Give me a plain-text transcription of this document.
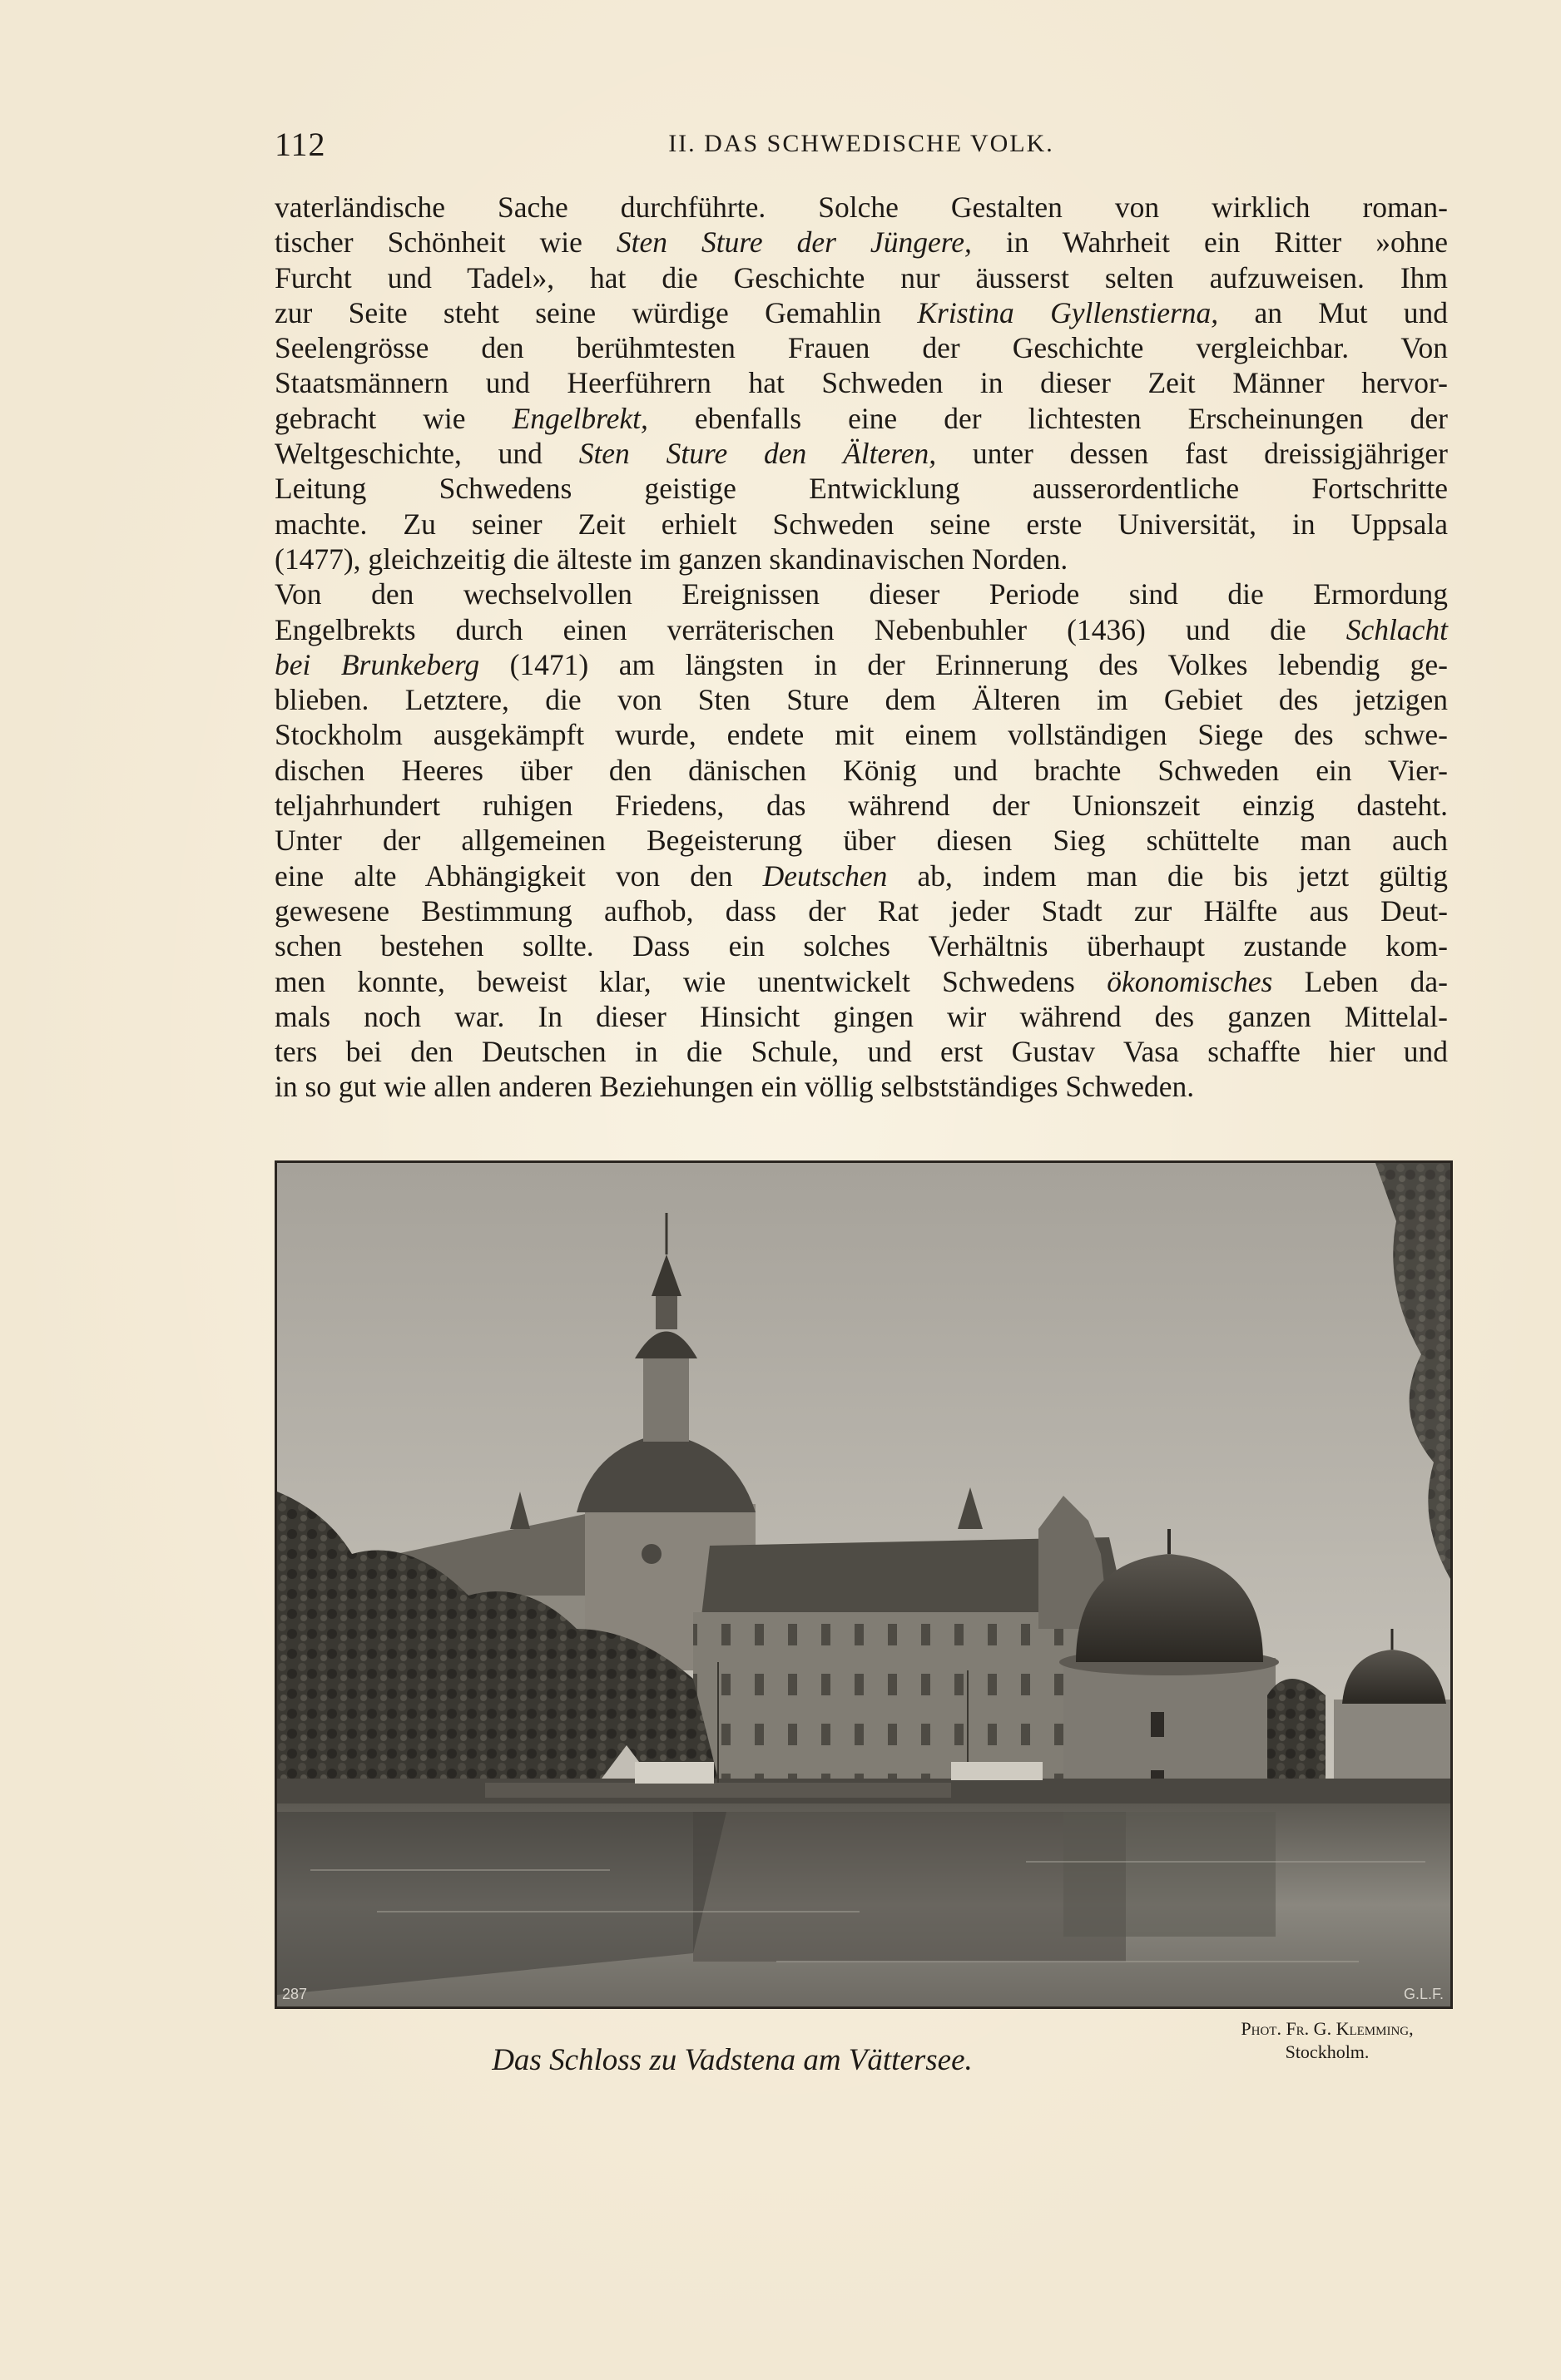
112	II. DAS SCHWEDISCHE VOLK.

vaterländische Sache durchführte. Solche Gestalten von wirklich roman-

tischer Schönheit wie Sten Sture der Jüngere, in Wahrheit ein Ritter »ohne

Furcht und Tadel», hat die Geschichte nur äusserst selten aufzuweisen. Ihm

zur Seite steht seine würdige Gemahlin Kristina Gyllenstierna, an Mut und

Seelengrösse den berühmtesten Frauen der Geschichte vergleichbar. Von

Staatsmännern und Heerführern hat Schweden in dieser Zeit Männer hervor-

gebracht wie Engelbrekt, ebenfalls eine der lichtesten Erscheinungen der

Weltgeschichte, und Sten Sture den Älteren, unter dessen fast dreissigjähriger

Leitung Schwedens geistige Entwicklung ausserordentliche Fortschritte

machte. Zu seiner Zeit erhielt Schweden seine erste Universität, in Uppsala

(1477), gleichzeitig die älteste im ganzen skandinavischen Norden.

Von den wechselvollen Ereignissen dieser Periode sind die Ermordung

Engelbrekts durch einen verräterischen Nebenbuhler (1436) und die Schlacht

bei Brunkeberg (1471) am längsten in der Erinnerung des Volkes lebendig ge-

blieben. Letztere, die von Sten Sture dem Älteren im Gebiet des jetzigen

Stockholm ausgekämpft wurde, endete mit einem vollständigen Siege des schwe-

dischen Heeres über den dänischen König und brachte Schweden ein Vier-

teljahrhundert ruhigen Friedens, das während der Unionszeit einzig dasteht.

Unter der allgemeinen Begeisterung über diesen Sieg schüttelte man auch

eine alte Abhängigkeit von den Deutschen ab, indem man die bis jetzt gültig

gewesene Bestimmung aufhob, dass der Rat jeder Stadt zur Hälfte aus Deut-

schen bestehen sollte. Dass ein solches Verhältnis überhaupt zustande kom-

men konnte, beweist klar, wie unentwickelt Schwedens ökonomisches Leben da-

mals noch war. In dieser Hinsicht gingen wir während des ganzen Mittelal-

ters bei den Deutschen in die Schule, und erst Gustav Vasa schaffte hier und

in so gut wie allen anderen Beziehungen ein völlig selbstständiges Schweden.

287	G.L.F.
Phot. Fr. G. Klemming,
Stockholm.
Das Schloss zu Vadstena am Vättersee.
